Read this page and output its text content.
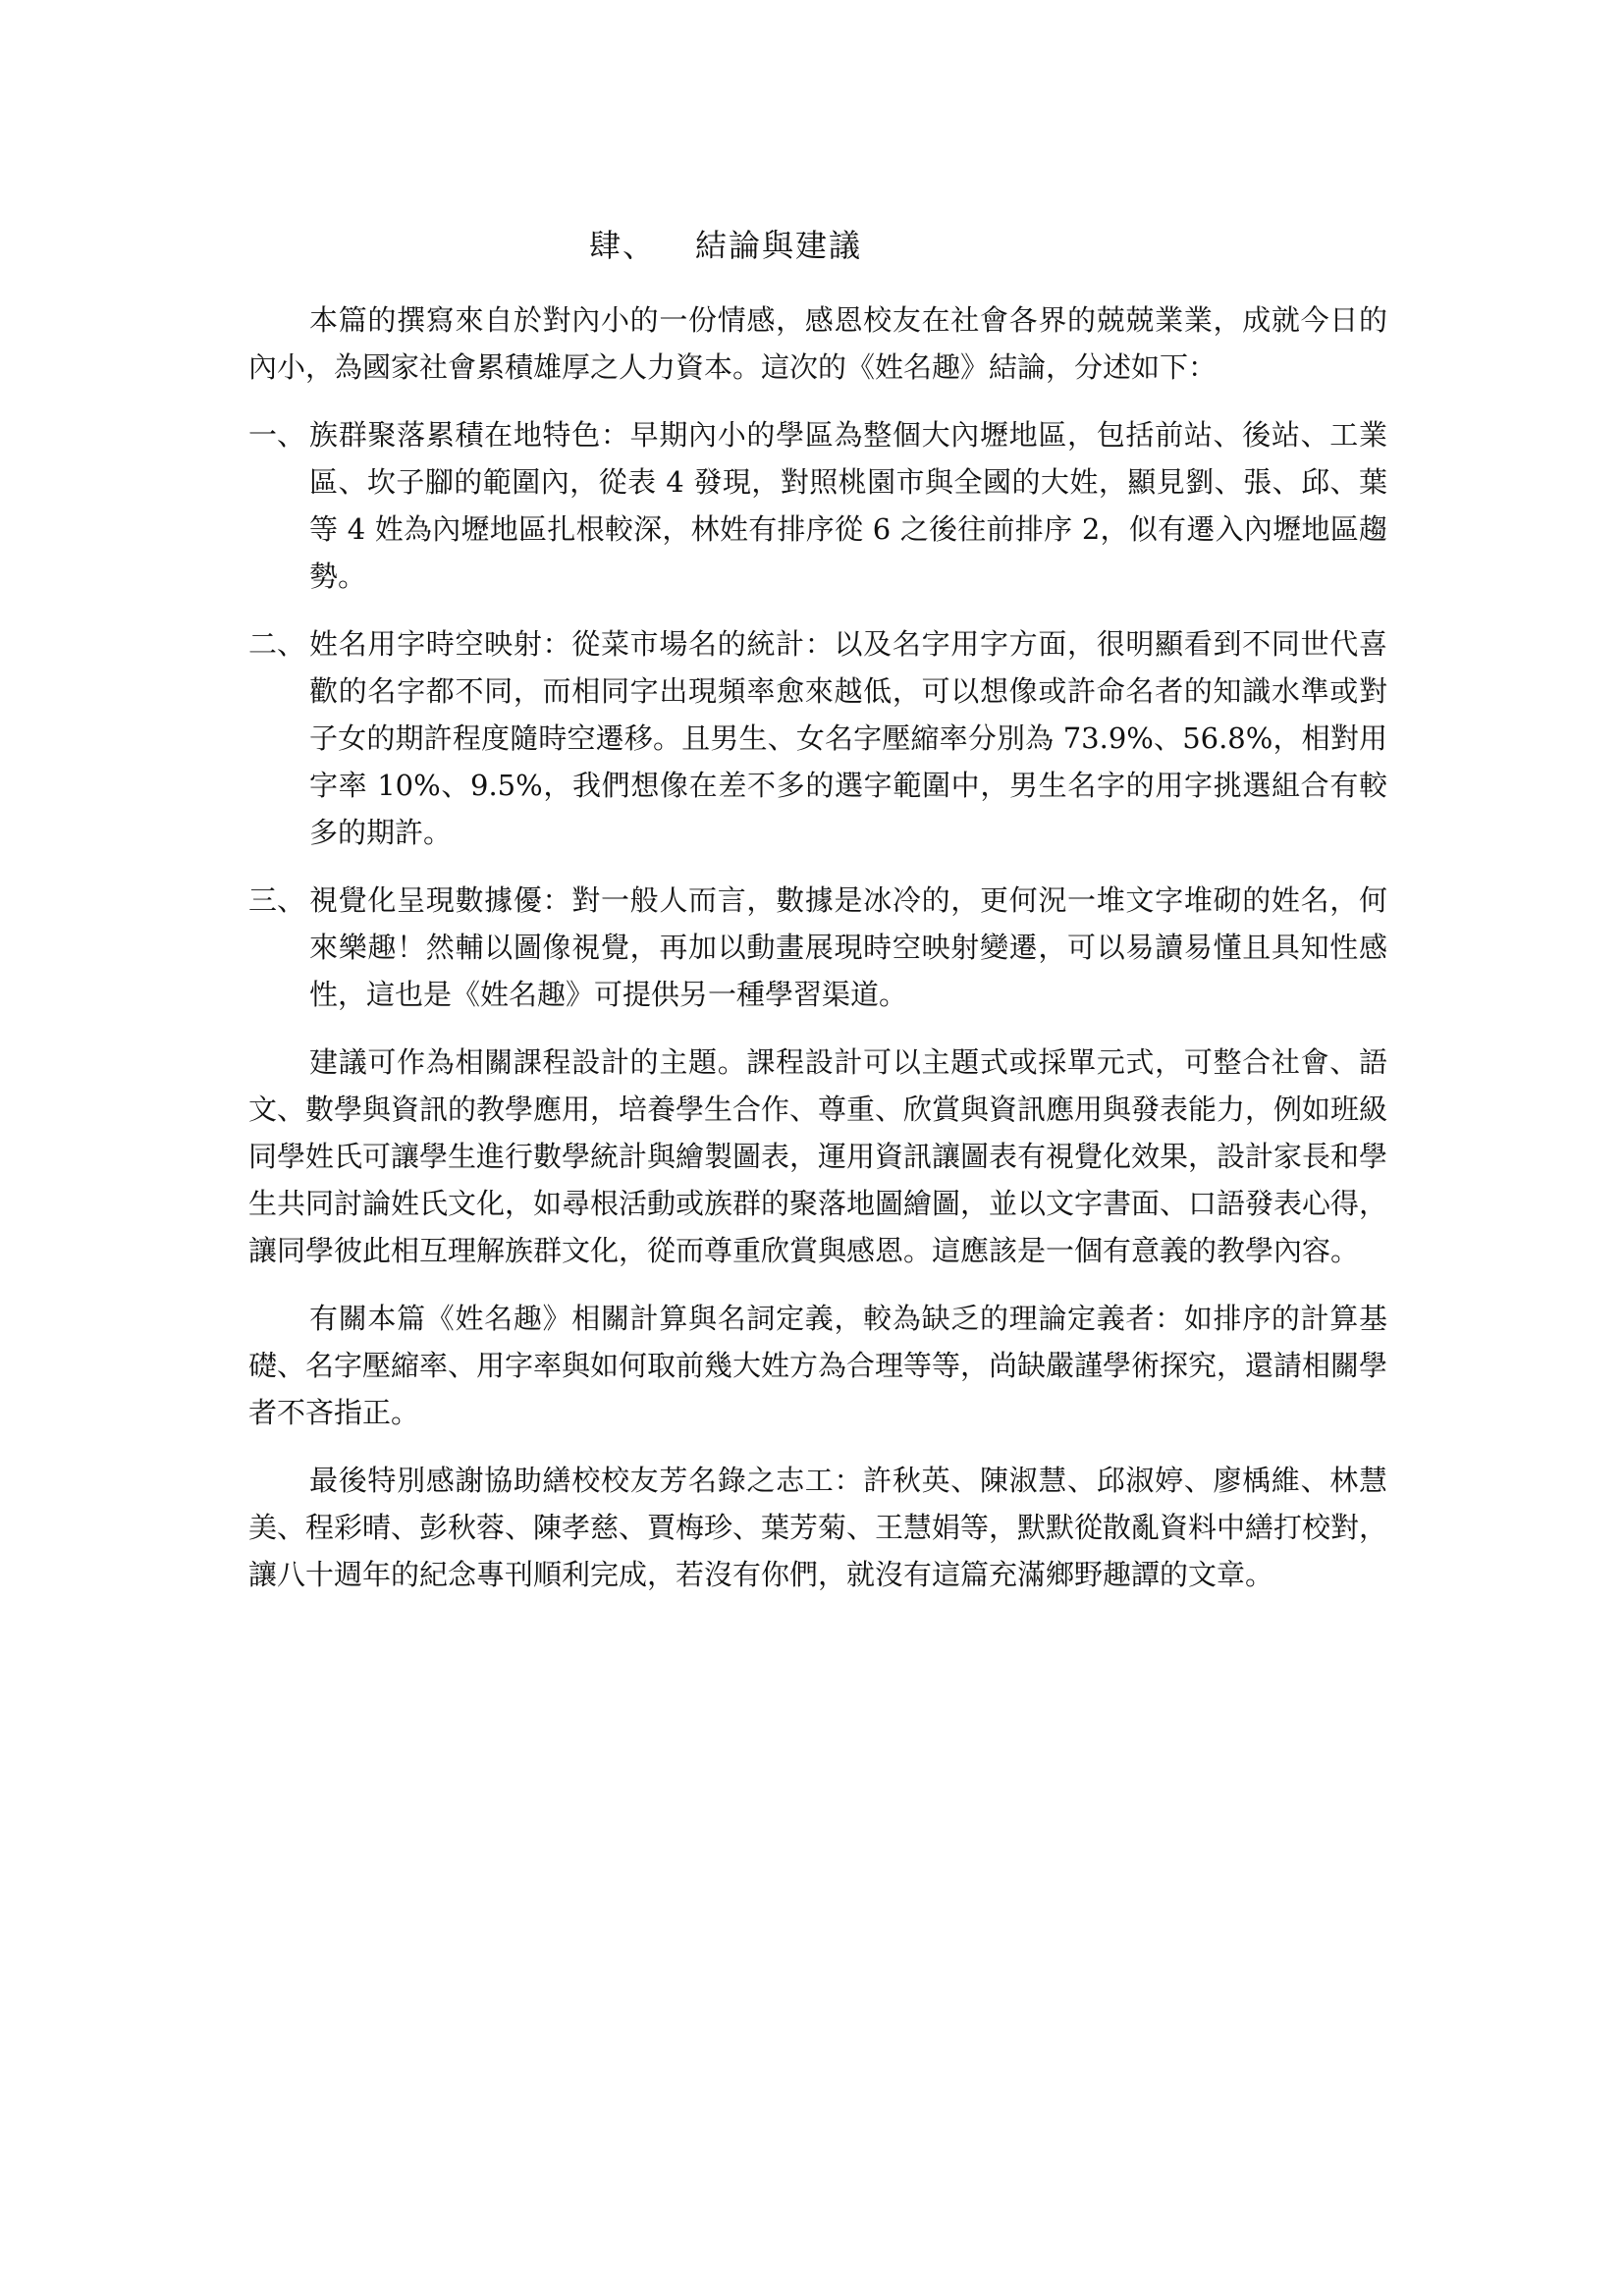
肆、 結論與建議

本篇的撰寫來自於對內小的一份情感，感恩校友在社會各界的兢兢業業，成就今日的內小，為國家社會累積雄厚之人力資本。這次的《姓名趣》結論，分述如下：

一、 族群聚落累積在地特色：早期內小的學區為整個大內壢地區，包括前站、後站、工業區、坎子腳的範圍內，從表 4 發現，對照桃園市與全國的大姓，顯見劉、張、邱、葉等 4 姓為內壢地區扎根較深，林姓有排序從 6 之後往前排序 2，似有遷入內壢地區趨勢。
二、 姓名用字時空映射：從菜市場名的統計：以及名字用字方面，很明顯看到不同世代喜歡的名字都不同，而相同字出現頻率愈來越低，可以想像或許命名者的知識水準或對子女的期許程度隨時空遷移。且男生、女名字壓縮率分別為 73.9%、56.8%，相對用字率 10%、9.5%，我們想像在差不多的選字範圍中，男生名字的用字挑選組合有較多的期許。
三、 視覺化呈現數據優：對一般人而言，數據是冰冷的，更何況一堆文字堆砌的姓名，何來樂趣！然輔以圖像視覺，再加以動畫展現時空映射變遷，可以易讀易懂且具知性感性，這也是《姓名趣》可提供另一種學習渠道。

建議可作為相關課程設計的主題。課程設計可以主題式或採單元式，可整合社會、語文、數學與資訊的教學應用，培養學生合作、尊重、欣賞與資訊應用與發表能力，例如班級同學姓氏可讓學生進行數學統計與繪製圖表，運用資訊讓圖表有視覺化效果，設計家長和學生共同討論姓氏文化，如尋根活動或族群的聚落地圖繪圖，並以文字書面、口語發表心得，讓同學彼此相互理解族群文化，從而尊重欣賞與感恩。這應該是一個有意義的教學內容。

有關本篇《姓名趣》相關計算與名詞定義，較為缺乏的理論定義者：如排序的計算基礎、名字壓縮率、用字率與如何取前幾大姓方為合理等等，尚缺嚴謹學術探究，還請相關學者不吝指正。

最後特別感謝協助繕校校友芳名錄之志工：許秋英、陳淑慧、邱淑婷、廖楀維、林慧美、程彩晴、彭秋蓉、陳孝慈、賈梅珍、葉芳菊、王慧娟等，默默從散亂資料中繕打校對，讓八十週年的紀念專刊順利完成，若沒有你們，就沒有這篇充滿鄉野趣譚的文章。
